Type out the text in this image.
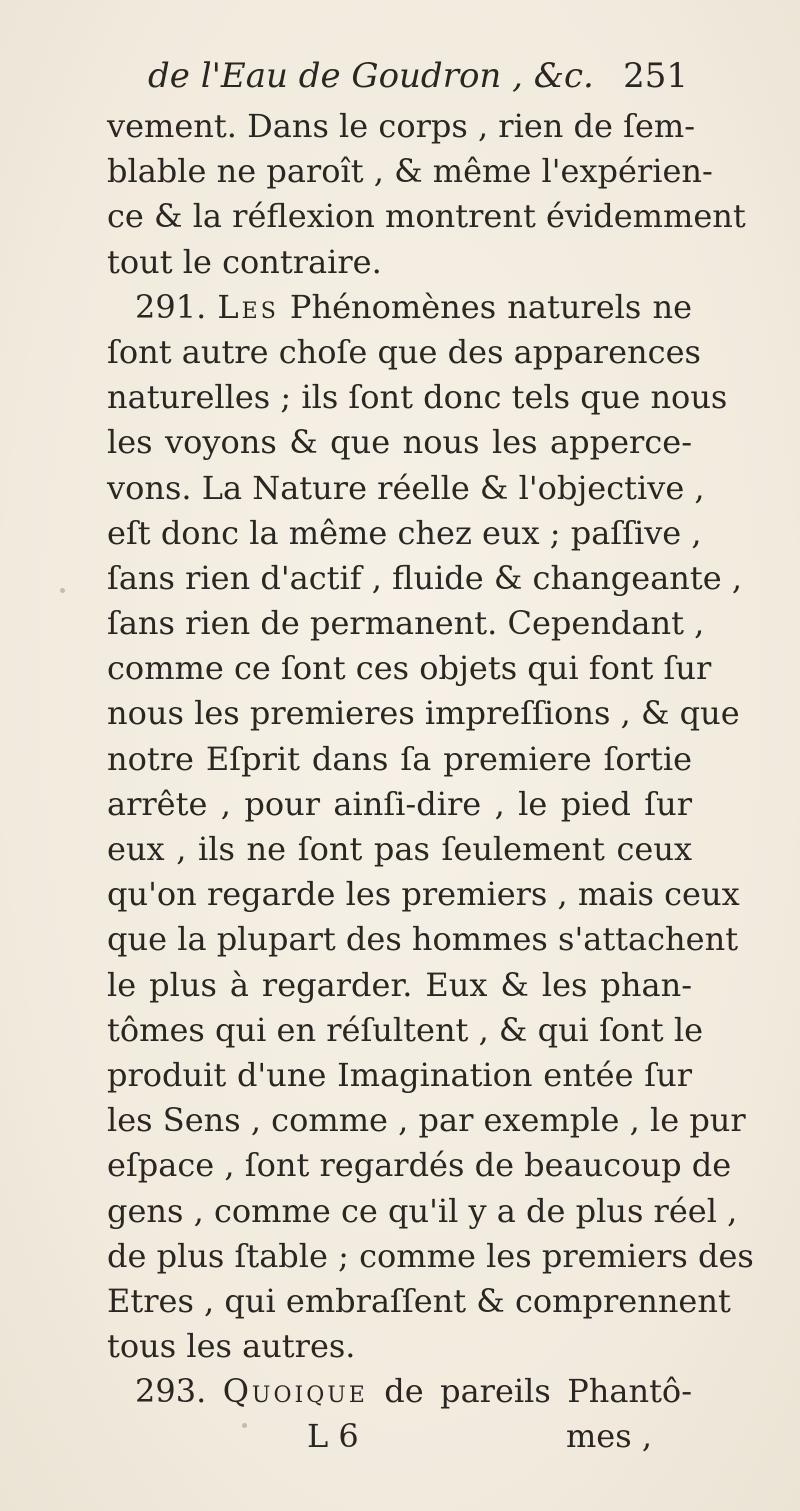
de l'Eau de Goudron , &c. 251
vement. Dans le corps , rien de ſem-
blable ne paroît , & même l'expérien-
ce & la réflexion montrent évidemment
tout le contraire.
291. Les Phénomènes naturels ne
ſont autre choſe que des apparences
naturelles ; ils ſont donc tels que nous
les voyons & que nous les apperce-
vons. La Nature réelle & l'objective ,
eſt donc la même chez eux ; paſſive ,
ſans rien d'actif , fluide & changeante ,
ſans rien de permanent. Cependant ,
comme ce ſont ces objets qui font ſur
nous les premieres impreſſions , & que
notre Eſprit dans ſa premiere ſortie
arrête , pour ainſi-dire , le pied ſur
eux , ils ne ſont pas ſeulement ceux
qu'on regarde les premiers , mais ceux
que la plupart des hommes s'attachent
le plus à regarder. Eux & les phan-
tômes qui en réſultent , & qui ſont le
produit d'une Imagination entée ſur
les Sens , comme , par exemple , le pur
eſpace , ſont regardés de beaucoup de
gens , comme ce qu'il y a de plus réel ,
de plus ſtable ; comme les premiers des
Etres , qui embraſſent & comprennent
tous les autres.
293. Quoique de pareils Phantô-
L 6	mes ,
